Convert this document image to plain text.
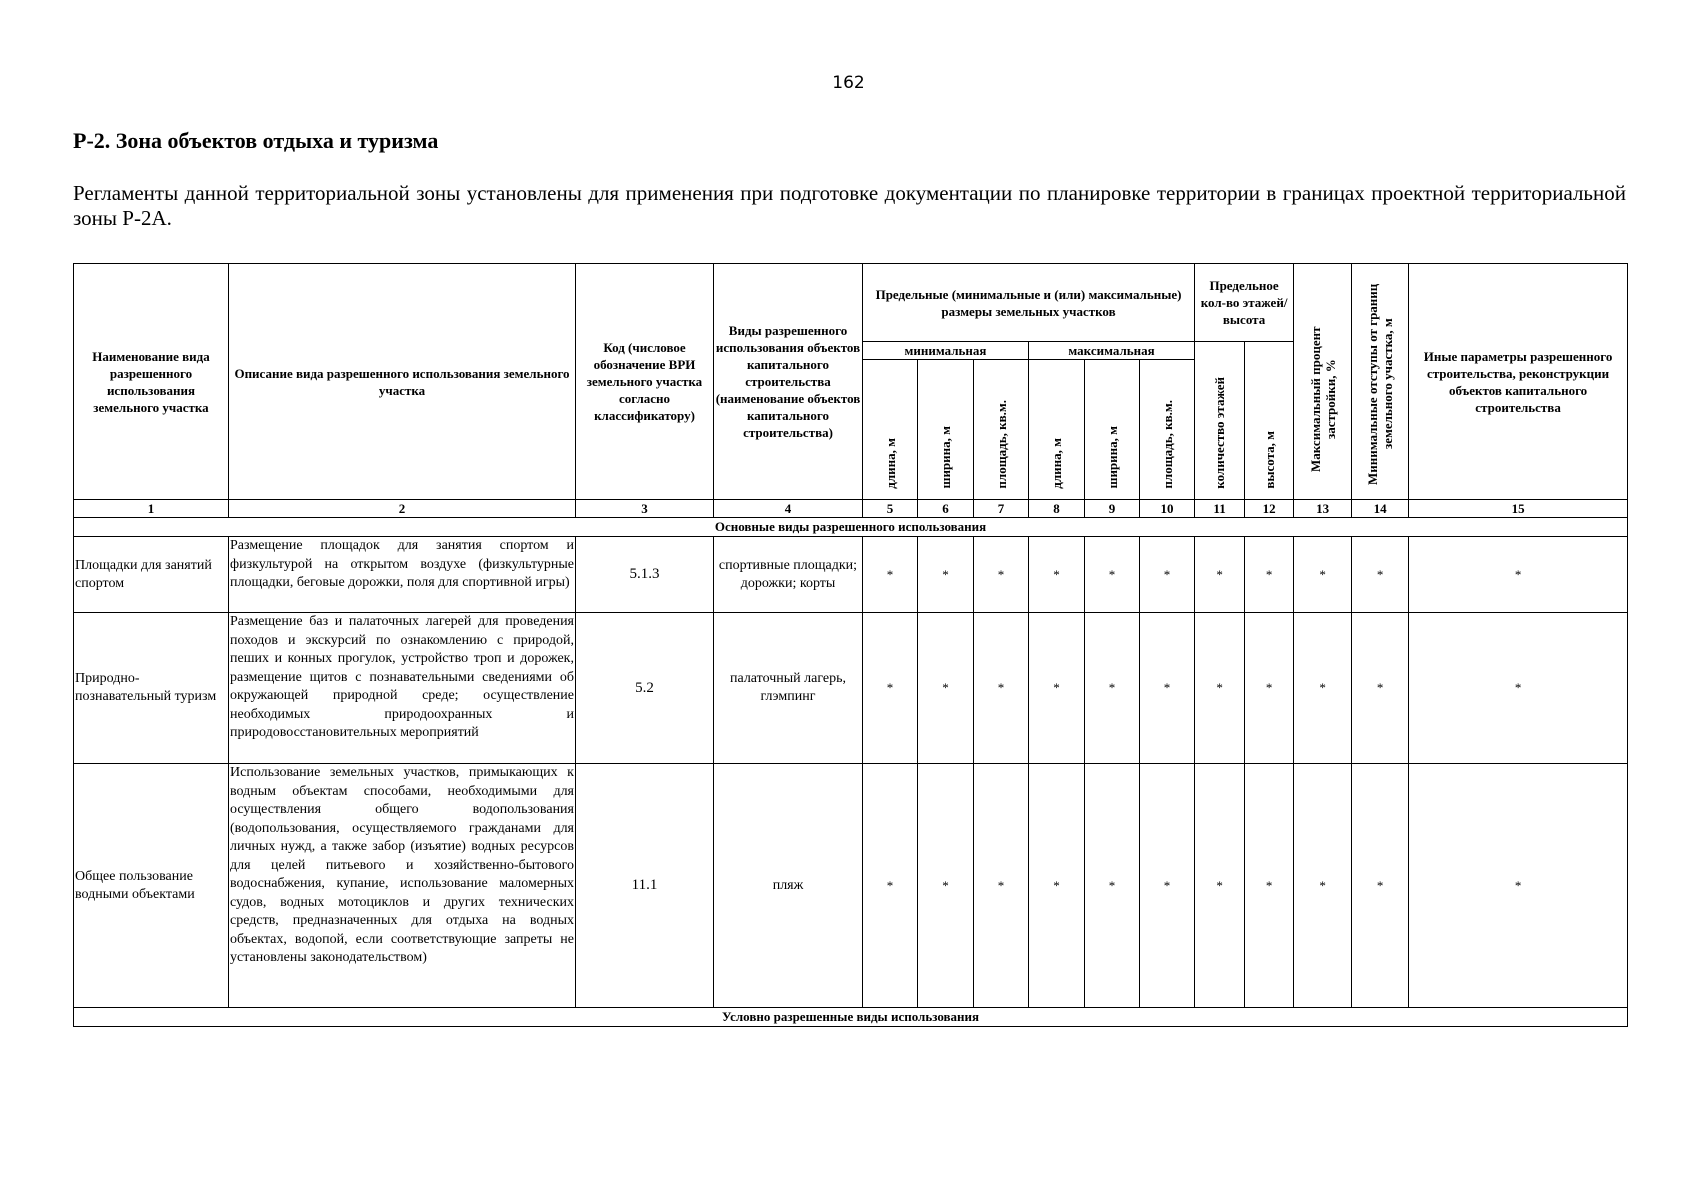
162
Р-2. Зона объектов отдыха и туризма

Регламенты данной территориальной зоны установлены для применения при подготовке документации по планировке территории в границах проектной территориальной зоны Р-2А.

Наименование вида разрешенного использования земельного участка	Описание вида разрешенного использования земельного участка	Код (числовое обозначение ВРИ земельного участка согласно классификатору)	Виды разрешенного использования объектов капитального строительства (наименование объектов капитального строительства)	Предельные (минимальные и (или) максимальные) размеры земельных участков						Предельное кол-во этажей/ высота		Максимальный процент застройки, %	Минимальные отступы от границ земельного участка, м	Иные параметры разрешенного строительства, реконструкции объектов капитального строительства
				минимальная			максимальная			количество этажей	высота, м			
				длина, м	ширина, м	площадь, кв.м.	длина, м	ширина, м	площадь, кв.м.					
1	2	3	4	5	6	7	8	9	10	11	12	13	14	15
Основные виды разрешенного использования														
Площадки для занятий спортом	Размещение площадок для занятия спортом и физкультурой на открытом воздухе (физкультурные площадки, беговые дорожки, поля для спортивной игры)	5.1.3	спортивные площадки; дорожки; корты	*	*	*	*	*	*	*	*	*	*	*
Природно-познавательный туризм	Размещение баз и палаточных лагерей для проведения походов и экскурсий по ознакомлению с природой, пеших и конных прогулок, устройство троп и дорожек, размещение щитов с познавательными сведениями об окружающей природной среде; осуществление необходимых природоохранных и природовосстановительных мероприятий	5.2	палаточный лагерь, глэмпинг	*	*	*	*	*	*	*	*	*	*	*
Общее пользование водными объектами	Использование земельных участков, примыкающих к водным объектам способами, необходимыми для осуществления общего водопользования (водопользования, осуществляемого гражданами для личных нужд, а также забор (изъятие) водных ресурсов для целей питьевого и хозяйственно-бытового водоснабжения, купание, использование маломерных судов, водных мотоциклов и других технических средств, предназначенных для отдыха на водных объектах, водопой, если соответствующие запреты не установлены законодательством)	11.1	пляж	*	*	*	*	*	*	*	*	*	*	*
Условно разрешенные виды использования														
